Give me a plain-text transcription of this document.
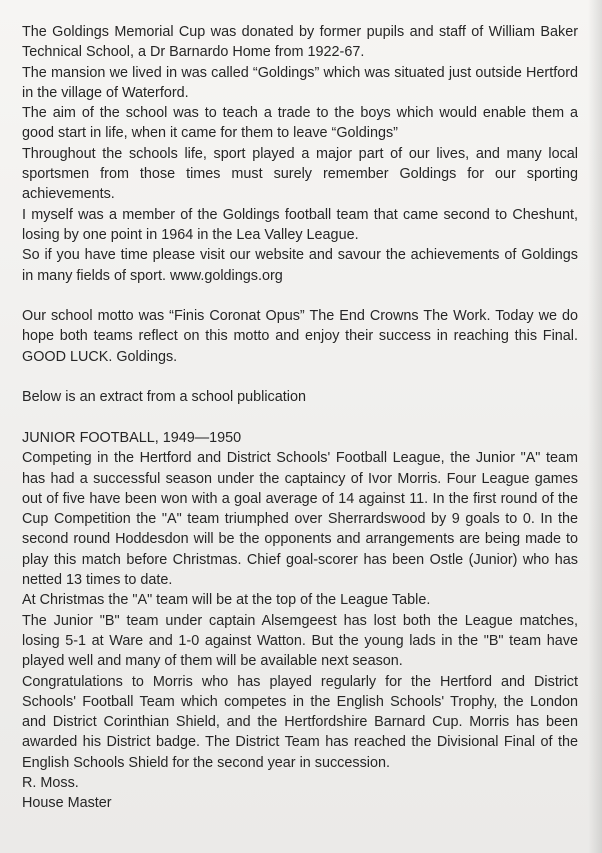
The Goldings Memorial Cup was donated by former pupils and staff of William Baker Technical School, a Dr Barnardo Home from 1922-67.

The mansion we lived in was called “Goldings” which was situated just outside Hertford in the village of Waterford.

The aim of the school was to teach a trade to the boys which would enable them a good start in life, when it came for them to leave “Goldings”

Throughout the schools life, sport played a major part of our lives, and many local sportsmen from those times must surely remember Goldings for our sporting achievements.

I myself was a member of the Goldings football team that came second to Cheshunt, losing by one point in 1964 in the Lea Valley League.

So if you have time please visit our website and savour the achievements of Goldings in many fields of sport. www.goldings.org

Our school motto was “Finis Coronat Opus” The End Crowns The Work. Today we do hope both teams reflect on this motto and enjoy their success in reaching this Final. GOOD LUCK. Goldings.

Below is an extract from a school publication

JUNIOR FOOTBALL, 1949—1950

Competing in the Hertford and District Schools' Football League, the Junior "A" team has had a successful season under the captaincy of Ivor Morris. Four League games out of five have been won with a goal average of 14 against 11. In the first round of the Cup Competition the "A" team triumphed over Sherrardswood by 9 goals to 0. In the second round Hoddesdon will be the opponents and arrangements are being made to play this match before Christmas. Chief goal-scorer has been Ostle (Junior) who has netted 13 times to date.

At Christmas the "A" team will be at the top of the League Table.

The Junior "B" team under captain Alsemgeest has lost both the League matches, losing 5-1 at Ware and 1-0 against Watton. But the young lads in the "B" team have played well and many of them will be available next season.

Congratulations to Morris who has played regularly for the Hertford and District Schools' Football Team which competes in the English Schools' Trophy, the London and District Corinthian Shield, and the Hertfordshire Barnard Cup. Morris has been awarded his District badge. The District Team has reached the Divisional Final of the English Schools Shield for the second year in succession.

R. Moss.

House Master
